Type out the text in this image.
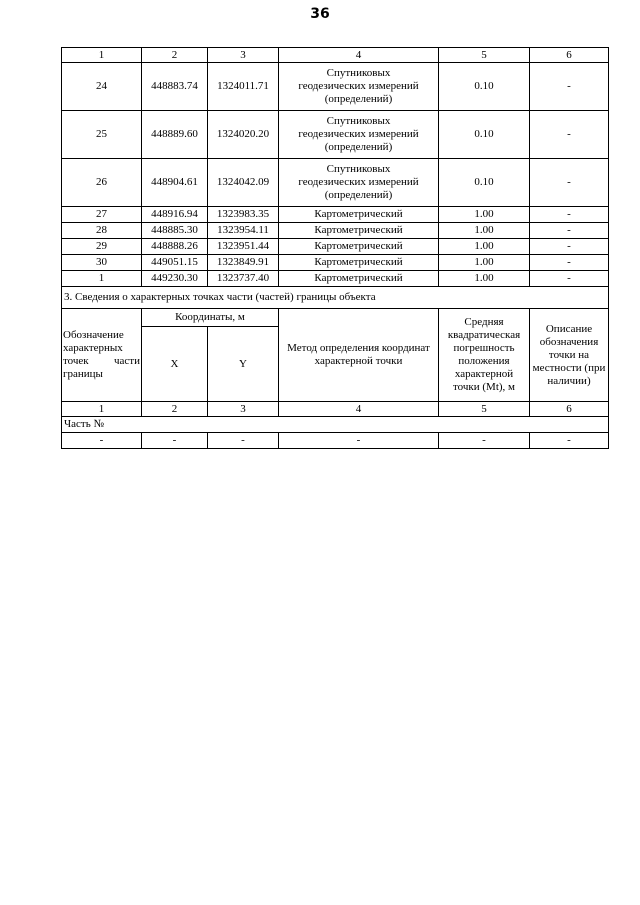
36
1	2	3	4	5	6
24	448883.74	1324011.71	Спутниковых
геодезических измерений
(определений)	0.10	-
25	448889.60	1324020.20	Спутниковых
геодезических измерений
(определений)	0.10	-
26	448904.61	1324042.09	Спутниковых
геодезических измерений
(определений)	0.10	-
27	448916.94	1323983.35	Картометрический	1.00	-
28	448885.30	1323954.11	Картометрический	1.00	-
29	448888.26	1323951.44	Картометрический	1.00	-
30	449051.15	1323849.91	Картометрический	1.00	-
1	449230.30	1323737.40	Картометрический	1.00	-
3. Сведения о характерных точках части (частей) границы объекта					
Обозначение характерных точек части границы	Координаты, м		Метод определения координат характерной точки	Средняя квадратическая погрешность положения характерной точки (Mt), м	Описание обозначения точки на местности (при наличии)
	X	Y			
1	2	3	4	5	6
Часть №					
-	-	-	-	-	-
